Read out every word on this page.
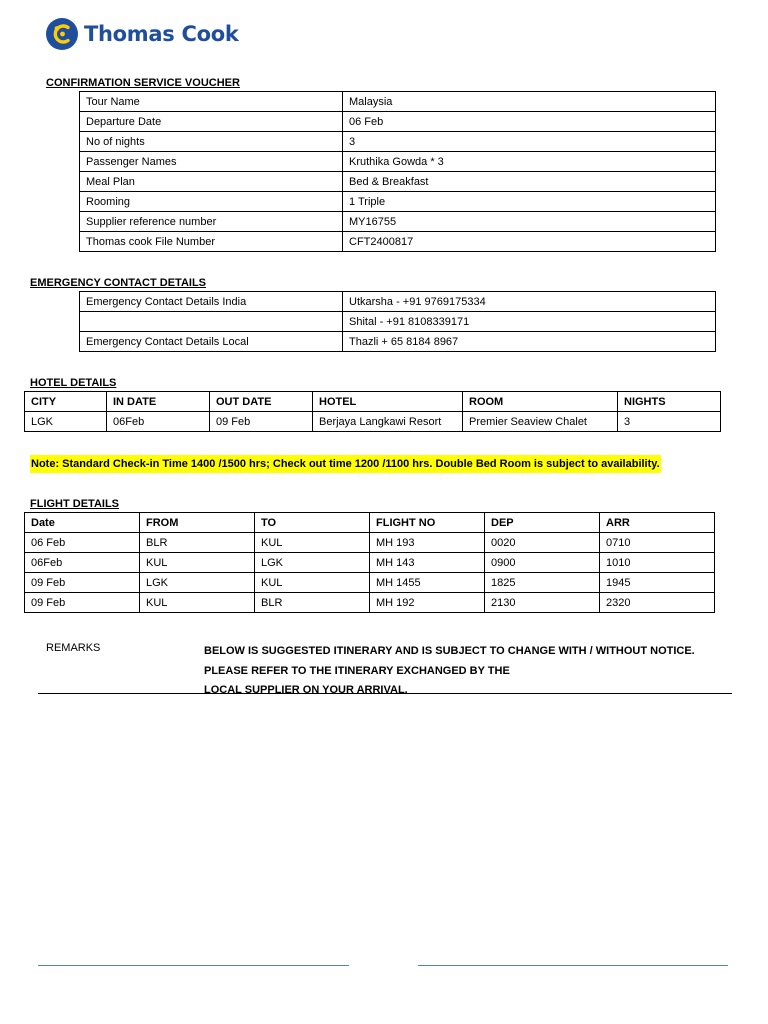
Thomas Cook
CONFIRMATION SERVICE VOUCHER
Tour Name	Malaysia
Departure Date	06 Feb
No of nights	3
Passenger Names	Kruthika Gowda * 3
Meal Plan	Bed & Breakfast
Rooming	1 Triple
Supplier reference number	MY16755
Thomas cook File Number	CFT2400817
EMERGENCY CONTACT DETAILS
Emergency Contact Details India	Utkarsha - +91 9769175334
	Shital - +91 8108339171
Emergency Contact Details Local	Thazli + 65 8184 8967
HOTEL DETAILS
CITY	IN DATE	OUT DATE	HOTEL	ROOM	NIGHTS
LGK	06Feb	09 Feb	Berjaya Langkawi Resort	Premier Seaview Chalet	3
Note: Standard Check-in Time 1400 /1500 hrs; Check out time 1200 /1100 hrs. Double Bed Room is subject to availability.
FLIGHT DETAILS
Date	FROM	TO	FLIGHT NO	DEP	ARR
06 Feb	BLR	KUL	MH 193	0020	0710
06Feb	KUL	LGK	MH 143	0900	1010
09 Feb	LGK	KUL	MH 1455	1825	1945
09 Feb	KUL	BLR	MH 192	2130	2320
REMARKS	BELOW IS SUGGESTED ITINERARY AND IS SUBJECT TO CHANGE WITH / WITHOUT NOTICE.
PLEASE REFER TO THE ITINERARY EXCHANGED BY THE
LOCAL SUPPLIER ON YOUR ARRIVAL.
